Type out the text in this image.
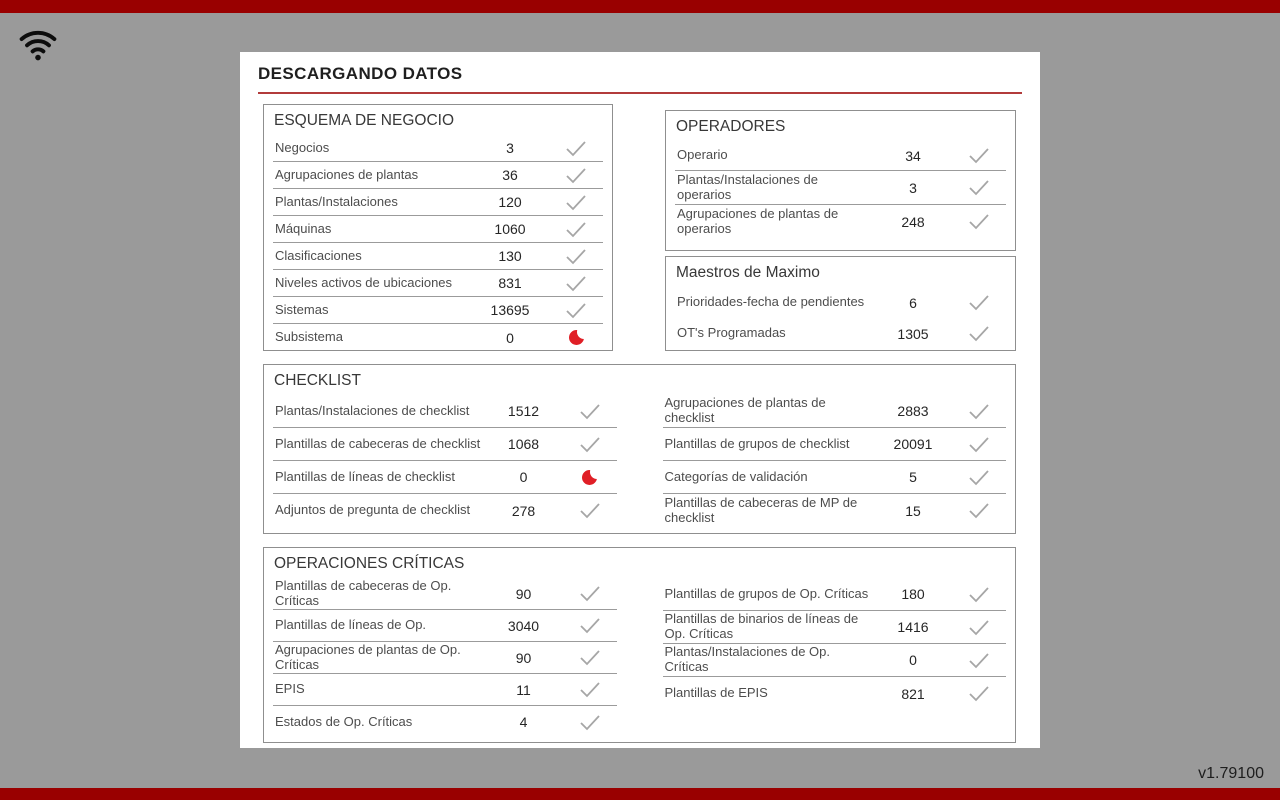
v1.79100
DESCARGANDO DATOS
ESQUEMA DE NEGOCIO
Negocios	3
Agrupaciones de plantas	36
Plantas/Instalaciones	120
Máquinas	1060
Clasificaciones	130
Niveles activos de ubicaciones	831
Sistemas	13695
Subsistema	0
OPERADORES
Operario	34
Plantas/Instalaciones de operarios	3
Agrupaciones de plantas de operarios	248
Maestros de Maximo
Prioridades-fecha de pendientes	6
OT's Programadas	1305
CHECKLIST
Plantas/Instalaciones de checklist	1512
Plantillas de cabeceras de checklist	1068
Plantillas de líneas de checklist	0
Adjuntos de pregunta de checklist	278
Agrupaciones de plantas de checklist	2883
Plantillas de grupos de checklist	20091
Categorías de validación	5
Plantillas de cabeceras de MP de checklist	15
OPERACIONES CRÍTICAS
Plantillas de cabeceras de Op. Críticas	90
Plantillas de líneas de Op.	3040
Agrupaciones de plantas de Op. Críticas	90
EPIS	11
Estados de Op. Críticas	4
Plantillas de grupos de Op. Críticas	180
Plantillas de binarios de líneas de Op. Críticas	1416
Plantas/Instalaciones de Op. Críticas	0
Plantillas de EPIS	821
